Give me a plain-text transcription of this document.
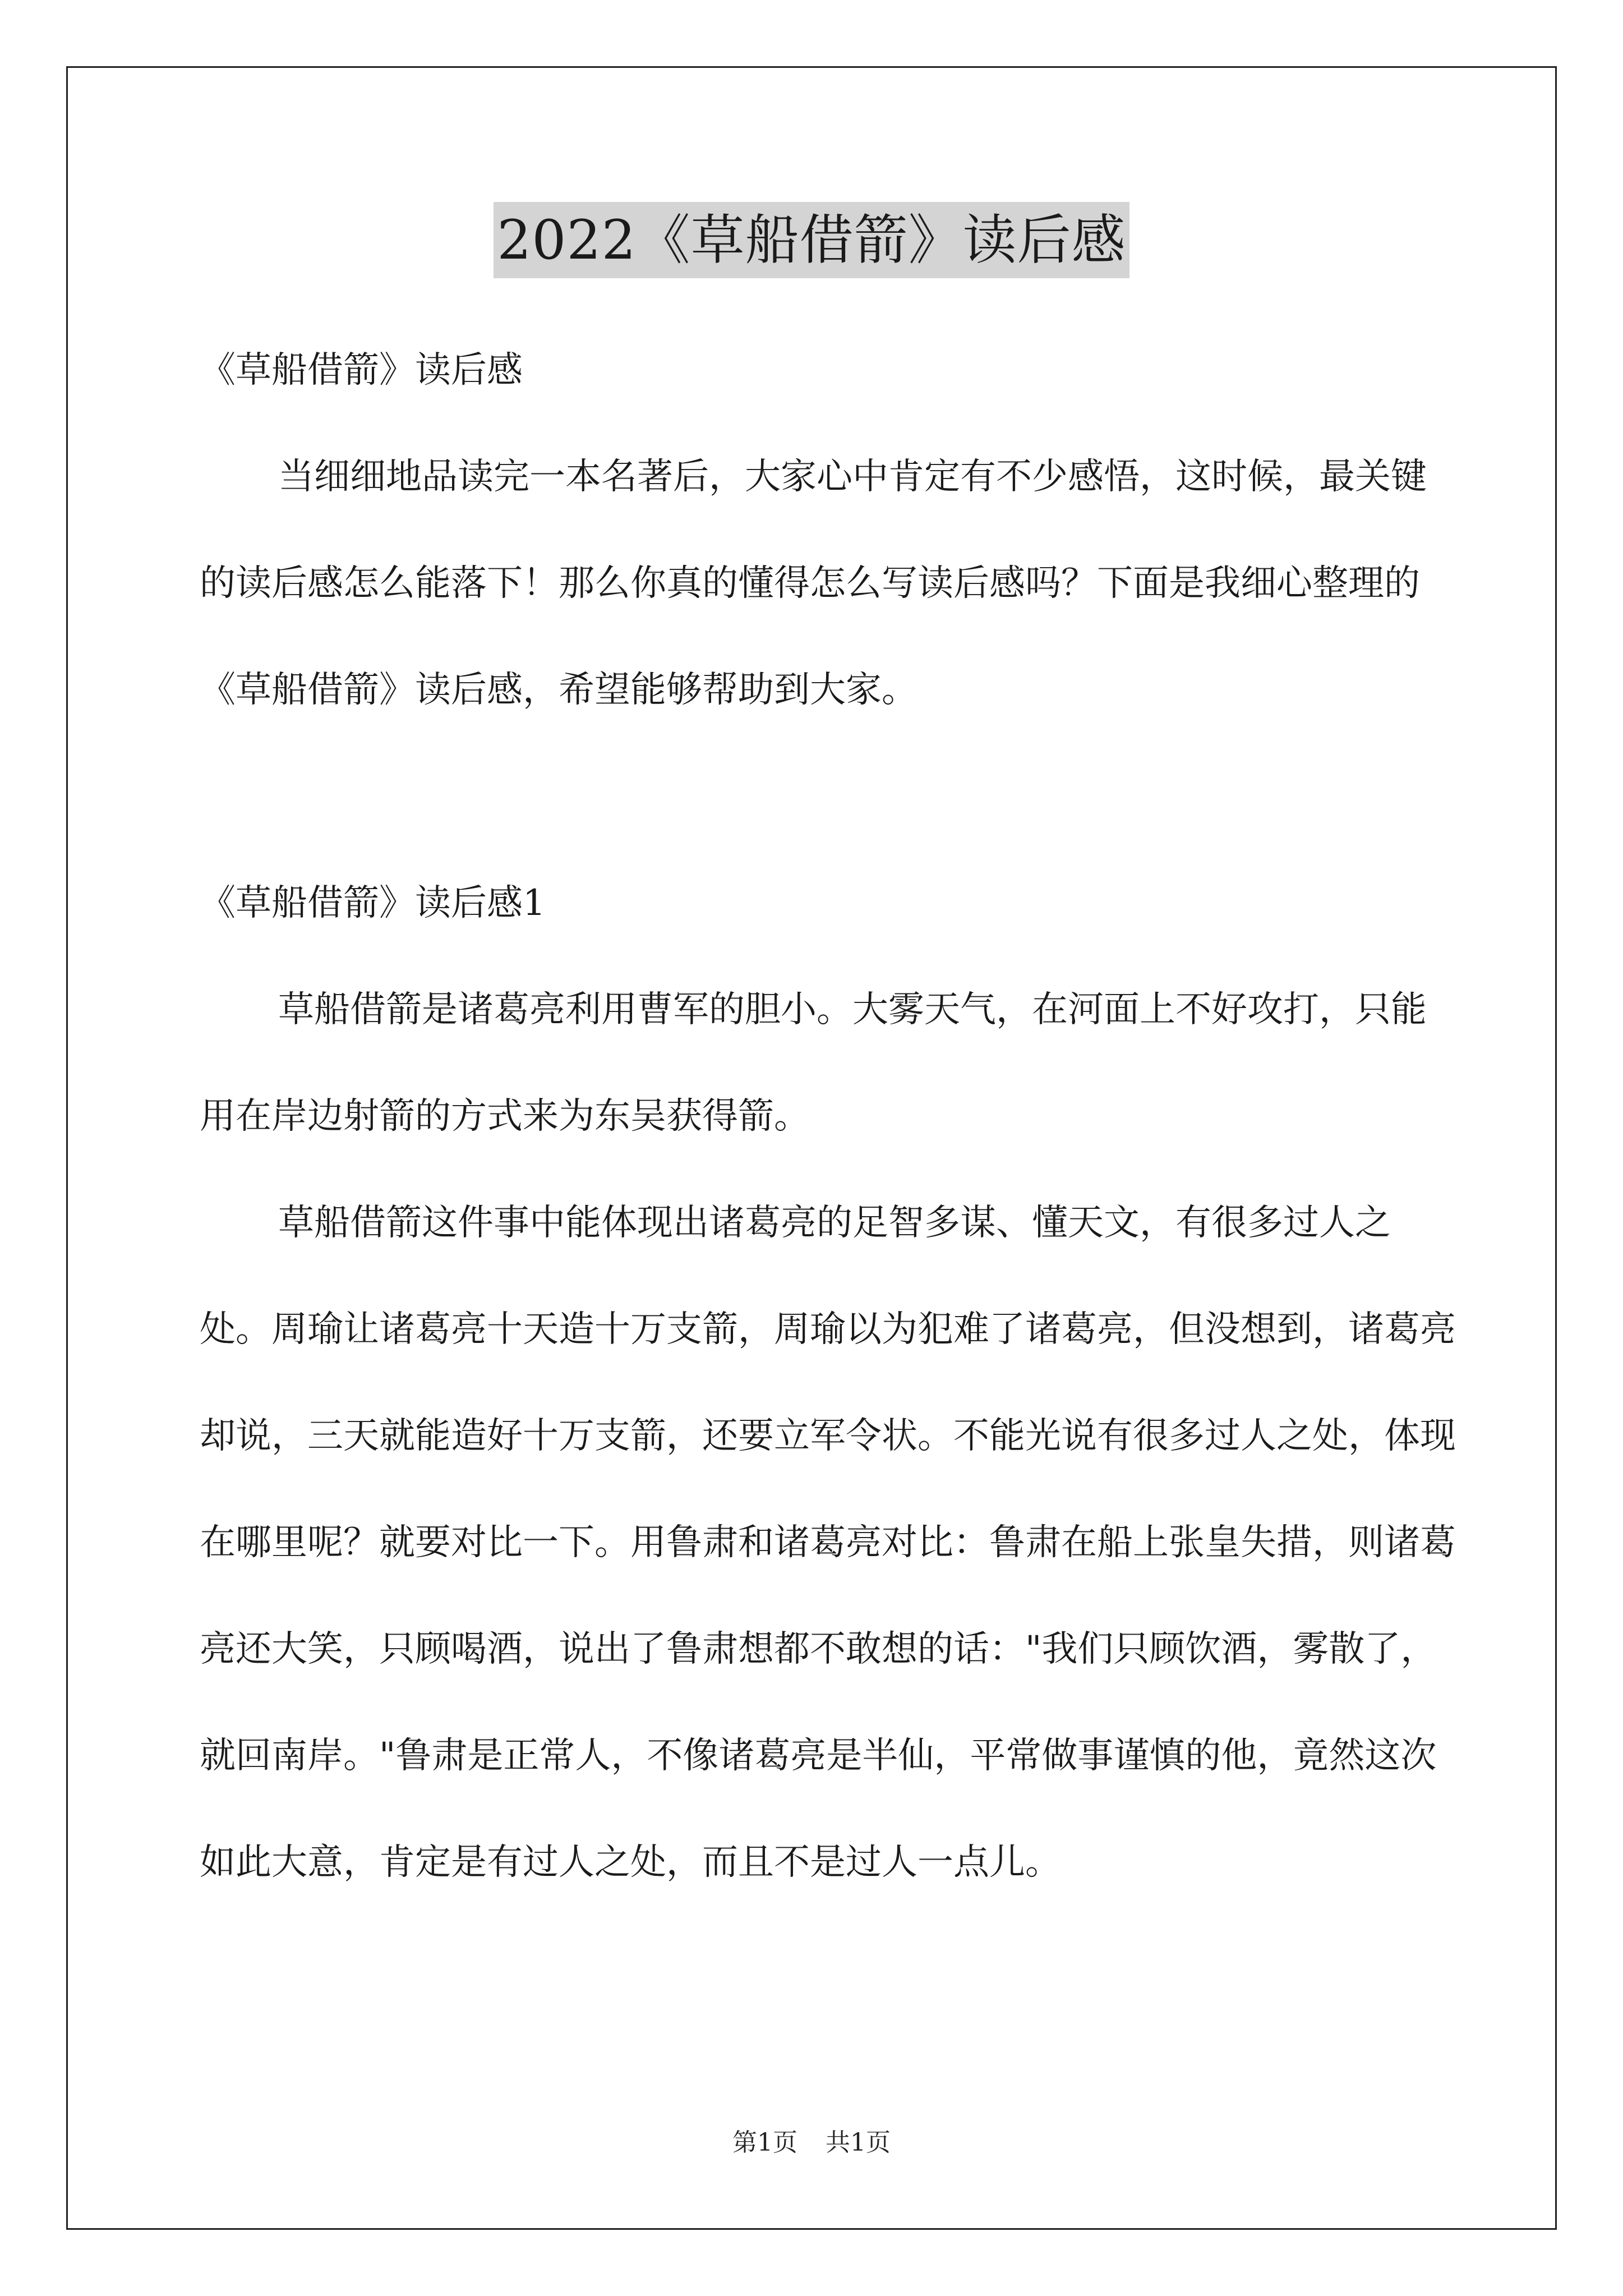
2022《草船借箭》读后感

《草船借箭》读后感

当细细地品读完一本名著后，大家心中肯定有不少感悟，这时候，最关键的读后感怎么能落下！那么你真的懂得怎么写读后感吗？下面是我细心整理的《草船借箭》读后感，希望能够帮助到大家。

《草船借箭》读后感1

草船借箭是诸葛亮利用曹军的胆小。大雾天气，在河面上不好攻打，只能用在岸边射箭的方式来为东吴获得箭。

草船借箭这件事中能体现出诸葛亮的足智多谋、懂天文，有很多过人之处。周瑜让诸葛亮十天造十万支箭，周瑜以为犯难了诸葛亮，但没想到，诸葛亮却说，三天就能造好十万支箭，还要立军令状。不能光说有很多过人之处，体现在哪里呢？就要对比一下。用鲁肃和诸葛亮对比：鲁肃在船上张皇失措，则诸葛亮还大笑，只顾喝酒，说出了鲁肃想都不敢想的话："我们只顾饮酒，雾散了，就回南岸。"鲁肃是正常人，不像诸葛亮是半仙，平常做事谨慎的他，竟然这次如此大意，肯定是有过人之处，而且不是过人一点儿。

第1页 共1页
